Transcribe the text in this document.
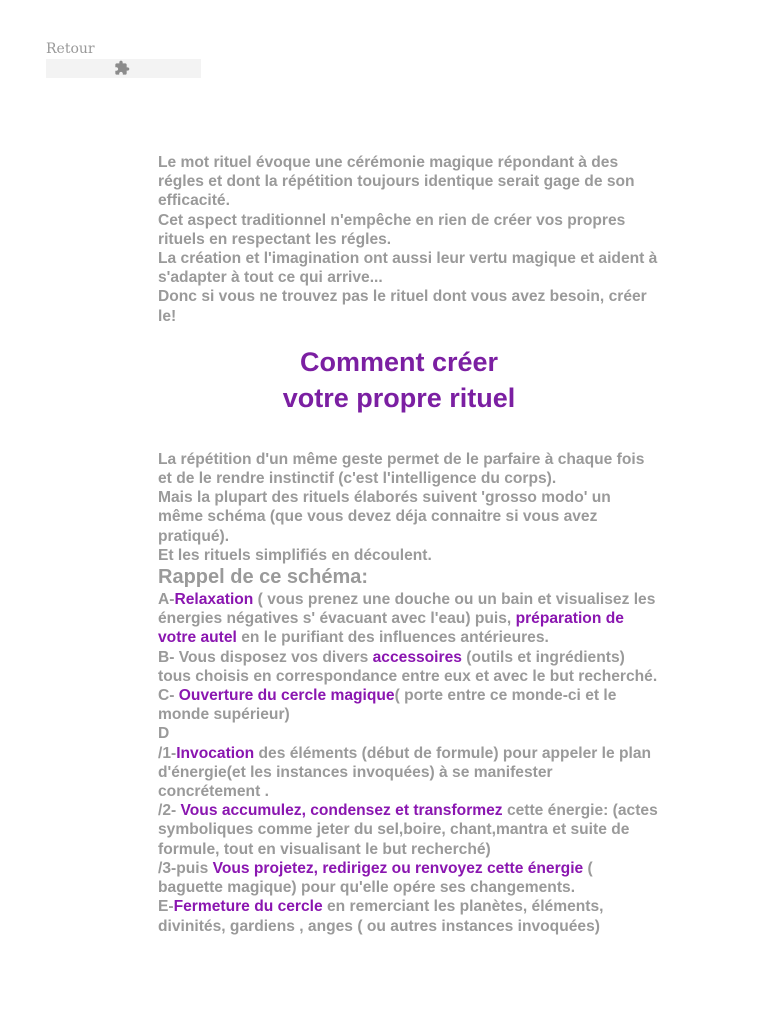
Retour

Le mot rituel évoque une cérémonie magique répondant à des régles et dont la répétition toujours identique serait gage de son efficacité.

Cet aspect traditionnel n'empêche en rien de créer vos propres rituels en respectant les régles.

La création et l'imagination ont aussi leur vertu magique et aident à s'adapter à tout ce qui arrive...

Donc si vous ne trouvez pas le rituel dont vous avez besoin, créer le!

Comment créer
votre propre rituel

La répétition d'un même geste permet de le parfaire à chaque fois et de le rendre instinctif (c'est l'intelligence du corps).

Mais la plupart des rituels élaborés suivent 'grosso modo' un même schéma (que vous devez déja connaitre si vous avez pratiqué).

Et les rituels simplifiés en découlent.

Rappel de ce schéma:

A-Relaxation ( vous prenez une douche ou un bain et visualisez les énergies négatives s' évacuant avec l'eau) puis, préparation de votre autel en le purifiant des influences antérieures.

B- Vous disposez vos divers accessoires (outils et ingrédients) tous choisis en correspondance entre eux et avec le but recherché.

C- Ouverture du cercle magique( porte entre ce monde-ci et le monde supérieur)

D

/1-Invocation des éléments (début de formule) pour appeler le plan d'énergie(et les instances invoquées) à se manifester concrétement .

/2- Vous accumulez, condensez et transformez cette énergie: (actes symboliques comme jeter du sel,boire, chant,mantra et suite de formule, tout en visualisant le but recherché)

/3-puis Vous projetez, redirigez ou renvoyez cette énergie ( baguette magique) pour qu'elle opére ses changements.

E-Fermeture du cercle en remerciant les planètes, éléments, divinités, gardiens , anges ( ou autres instances invoquées)
